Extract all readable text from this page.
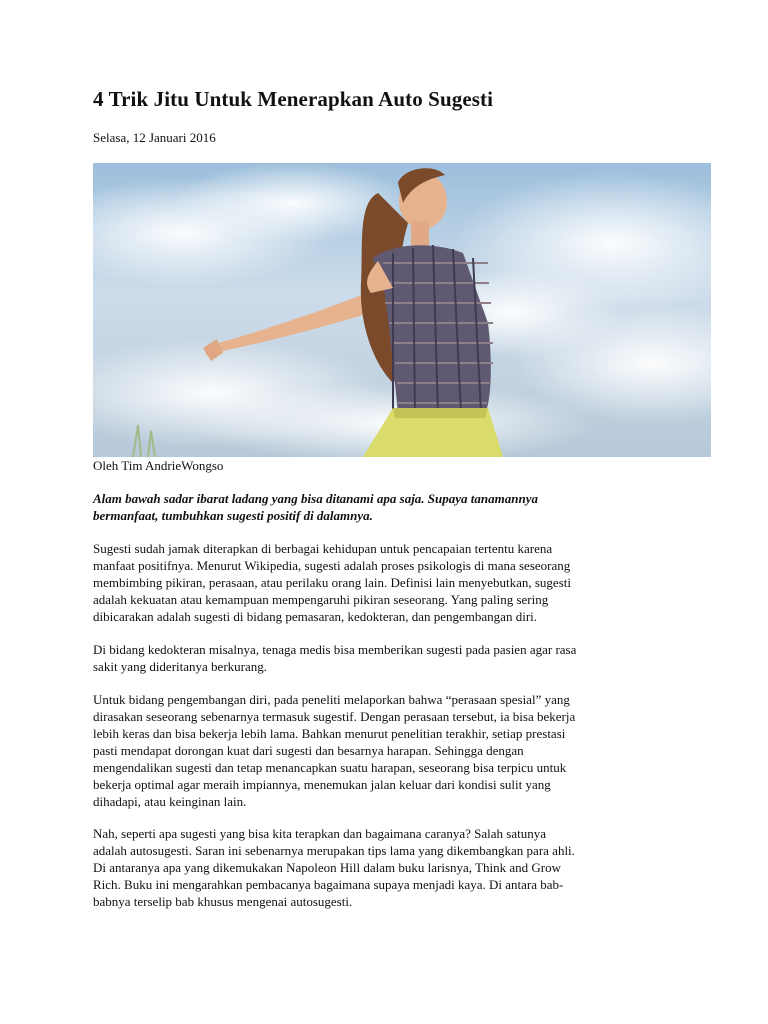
4 Trik Jitu Untuk Menerapkan Auto Sugesti
Selasa, 12 Januari 2016
Oleh Tim AndrieWongso

Alam bawah sadar ibarat ladang yang bisa ditanami apa saja. Supaya tanamannya
bermanfaat, tumbuhkan sugesti positif di dalamnya.

Sugesti sudah jamak diterapkan di berbagai kehidupan untuk pencapaian tertentu karena
manfaat positifnya. Menurut Wikipedia, sugesti adalah proses psikologis di mana seseorang
membimbing pikiran, perasaan, atau perilaku orang lain. Definisi lain menyebutkan, sugesti
adalah kekuatan atau kemampuan mempengaruhi pikiran seseorang. Yang paling sering
dibicarakan adalah sugesti di bidang pemasaran, kedokteran, dan pengembangan diri.

Di bidang kedokteran misalnya, tenaga medis bisa memberikan sugesti pada pasien agar rasa
sakit yang dideritanya berkurang.

Untuk bidang pengembangan diri, pada peneliti melaporkan bahwa “perasaan spesial” yang
dirasakan seseorang sebenarnya termasuk sugestif. Dengan perasaan tersebut, ia bisa bekerja
lebih keras dan bisa bekerja lebih lama. Bahkan menurut penelitian terakhir, setiap prestasi
pasti mendapat dorongan kuat dari sugesti dan besarnya harapan. Sehingga dengan
mengendalikan sugesti dan tetap menancapkan suatu harapan, seseorang bisa terpicu untuk
bekerja optimal agar meraih impiannya, menemukan jalan keluar dari kondisi sulit yang
dihadapi, atau keinginan lain.

Nah, seperti apa sugesti yang bisa kita terapkan dan bagaimana caranya? Salah satunya
adalah autosugesti. Saran ini sebenarnya merupakan tips lama yang dikembangkan para ahli.
Di antaranya apa yang dikemukakan Napoleon Hill dalam buku larisnya, Think and Grow
Rich. Buku ini mengarahkan pembacanya bagaimana supaya menjadi kaya. Di antara bab-
babnya terselip bab khusus mengenai autosugesti.
